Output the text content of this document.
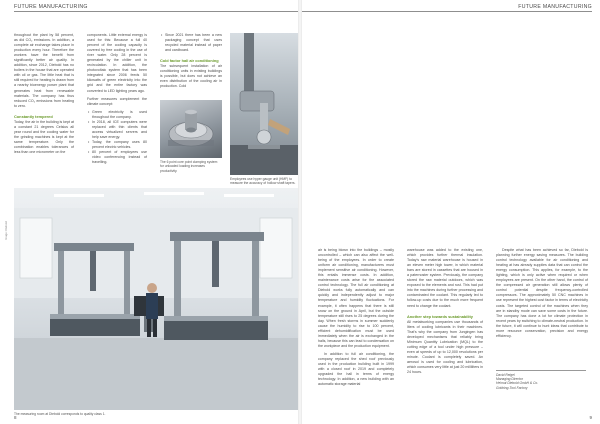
FUTURE MANUFACTURING

throughout the plant by 58 percent, as did CO₂ emissions. In addition, a complete air exchange takes place in production every hour. Therefore the workers have the benefit from significantly better air quality. In addition, since 2012, Diebold has no boilers in the house that are operated with oil or gas. The little heat that is still required for heating is drawn from a nearby bioenergy power plant that generates heat from renewable materials. The company has thus reduced CO₂ emissions from heating to zero.

Constantly tempered

Today, the air in the building is kept at a constant 21 degrees Celsius all year round and the cooling water for the grinding machines is kept at the same temperature. Only the combination enables tolerances of less than one micrometer on the

components. Little external energy is used for this: Because a full 40 percent of the cooling capacity is covered by free cooling in the use of river water. Only 28 percent is generated by the chiller unit in recirculation. In addition, the photovoltaic system that has been integrated since 2006 feeds 50 kilowatts of green electricity into the grid and the entire factory was converted to LED lighting years ago.

Further measures complement the climate concept:

• Green electricity is used throughout the company.
• In 2018, all ICE computers were replaced with thin clients that access virtualized servers and help save energy.
• Today, the company uses 80 percent electric vehicles.
• 80 percent of employees use video conferencing instead of travelling.
• Since 2021 there has been a new packaging concept that uses recycled material instead of paper and cardboard.
Cold factor hall air conditioning

The subsequent installation of air conditioning units in existing buildings is possible, but does not achieve an even distribution of the cooling air in production. Cold

The 6 point core point clamping system for unloaded loading increases productivity.
Employees use hyper gauge unit (HMF) to measure the accuracy of hollow shaft tapers.
The measuring room at Diebold corresponds to quality class 1.
Image: Diebold
8
FUTURE MANUFACTURING

air is being blown into the buildings – mostly uncontrolled – which can also affect the well-being of the employees. In order to create uniform air conditioning, manufacturers must implement sensitive air conditioning. However, this entails immense costs. In addition, maintenance costs arise for the associated control technology. The full air conditioning at Diebold works fully automatically and can quickly and independently adjust to major temperature and humidity fluctuations. For example, it often happens that there is still snow on the ground in April, but the outside temperature still rises to 25 degrees during the day. When fresh storms in summer suddenly cause the humidity to rise to 100 percent, efficient dehumidification must be used immediately when the air is exchanged in the halls, because this can lead to condensation on the workpiece and the production equipment.

In addition to full air conditioning, the company replaced the shed roof previously used in the production building built in 1999 with a closed roof in 2019 and completely upgraded the hall in terms of energy technology. In addition, a new building with an automatic storage material

warehouse was added to the existing one, which provides further thermal insulation. Today's raw material warehouse is housed in an eleven meter high tower, in which material bars are stored in cassettes that are housed in a paternoster system. Previously, the company stored the raw material outdoors, which was exposed to the elements and rust. This had put into the machines during further processing and contaminated the coolant. This regularly led to follow-up costs due to the much more frequent need to change the coolant.

Another step towards sustainability

All metalworking companies use thousands of liters of cooling lubricants in their machines. That's why the company from Jungingen has developed mechanisms that reliably bring Minimum Quantity Lubrication (MQL) to the cutting edge of a tool under high pressure – even at speeds of up to 12,000 revolutions per minute. Coolant is completely saved. An aerosol is used for cooling and lubrication, which consumes very little at just 20 milliliters in 24 hours.

Despite what has been achieved so far, Diebold is planning further energy saving measures. The building control technology available for air conditioning and heating at has already supplies data that can control the energy consumption. This applies, for example, to the lighting, which is only active when required or when employees are present. On the other hand, the control of the compressed air generation still allows plenty of control potential despite frequency-controlled compressors. The approximately 50 CNC machines in use represent the highest cost factor in terms of electricity costs. The targeted control of the machines when they are in standby mode can save some costs in the future. The company has done a lot for climate protection in recent years by switching to climate-neutral production. In the future, it will continue to hunt ideas that contribute to more resource conservation, precision and energy efficiency.

David Reigel
Managing Director
Helmut Diebold GmbH & Co.
Goldring-Tool Factory
9
